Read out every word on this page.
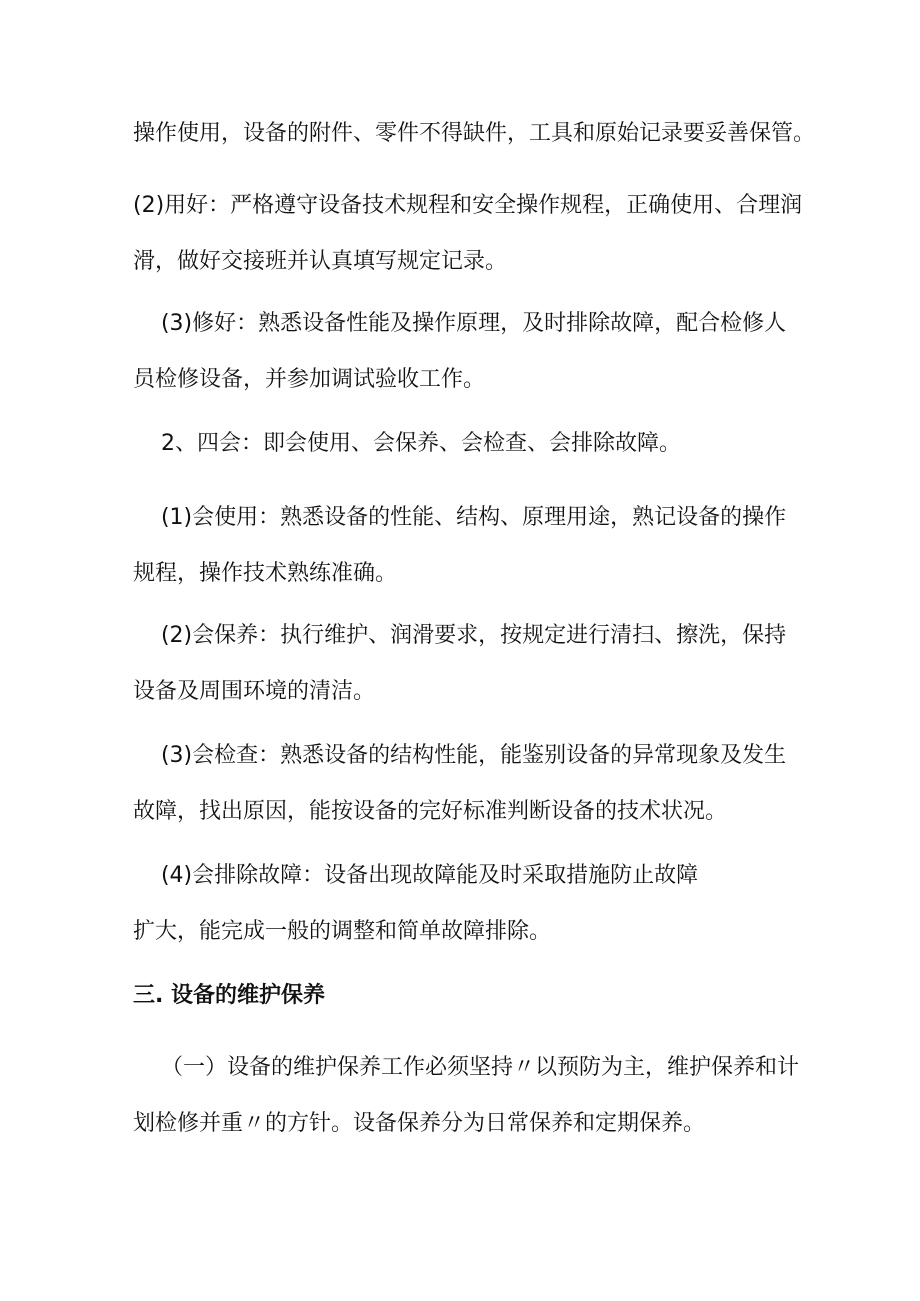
操作使用，设备的附件、零件不得缺件，工具和原始记录要妥善保管。

(2)用好：严格遵守设备技术规程和安全操作规程，正确使用、合理润
滑，做好交接班并认真填写规定记录。

(3)修好：熟悉设备性能及操作原理，及时排除故障，配合检修人
员检修设备，并参加调试验收工作。

2、四会：即会使用、会保养、会检查、会排除故障。

(1)会使用：熟悉设备的性能、结构、原理用途，熟记设备的操作
规程，操作技术熟练准确。

(2)会保养：执行维护、润滑要求，按规定进行清扫、擦洗，保持
设备及周围环境的清洁。

(3)会检查：熟悉设备的结构性能，能鉴别设备的异常现象及发生
故障，找出原因，能按设备的完好标准判断设备的技术状况。

(4)会排除故障：设备出现故障能及时采取措施防止故障
扩大，能完成一般的调整和简单故障排除。

三. 设备的维护保养

（一）设备的维护保养工作必须坚持〃以预防为主，维护保养和计
划检修并重〃的方针。设备保养分为日常保养和定期保养。
